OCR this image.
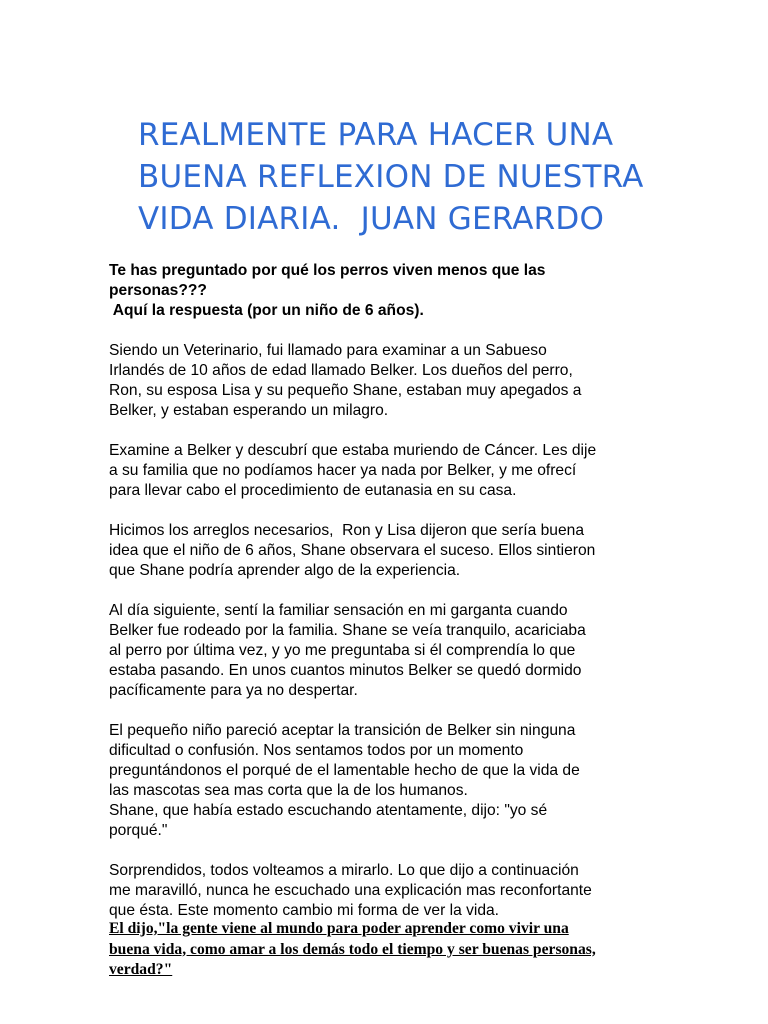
REALMENTE PARA HACER UNA
BUENA REFLEXION DE NUESTRA
VIDA DIARIA.  JUAN GERARDO
Te has preguntado por qué los perros viven menos que las
personas???
Aquí la respuesta (por un niño de 6 años).
Siendo un Veterinario, fui llamado para examinar a un Sabueso
Irlandés de 10 años de edad llamado Belker. Los dueños del perro,
Ron, su esposa Lisa y su pequeño Shane, estaban muy apegados a
Belker, y estaban esperando un milagro.
Examine a Belker y descubrí que estaba muriendo de Cáncer. Les dije
a su familia que no podíamos hacer ya nada por Belker, y me ofrecí
para llevar cabo el procedimiento de eutanasia en su casa.
Hicimos los arreglos necesarios,  Ron y Lisa dijeron que sería buena
idea que el niño de 6 años, Shane observara el suceso. Ellos sintieron
que Shane podría aprender algo de la experiencia.
Al día siguiente, sentí la familiar sensación en mi garganta cuando
Belker fue rodeado por la familia. Shane se veía tranquilo, acariciaba
al perro por última vez, y yo me preguntaba si él comprendía lo que
estaba pasando. En unos cuantos minutos Belker se quedó dormido
pacíficamente para ya no despertar.
El pequeño niño pareció aceptar la transición de Belker sin ninguna
dificultad o confusión. Nos sentamos todos por un momento
preguntándonos el porqué de el lamentable hecho de que la vida de
las mascotas sea mas corta que la de los humanos.
Shane, que había estado escuchando atentamente, dijo: "yo sé
porqué."
Sorprendidos, todos volteamos a mirarlo. Lo que dijo a continuación
me maravilló, nunca he escuchado una explicación mas reconfortante
que ésta. Este momento cambio mi forma de ver la vida.
El dijo,"la gente viene al mundo para poder aprender como vivir una
buena vida, como amar a los demás todo el tiempo y ser buenas personas,
verdad?"
